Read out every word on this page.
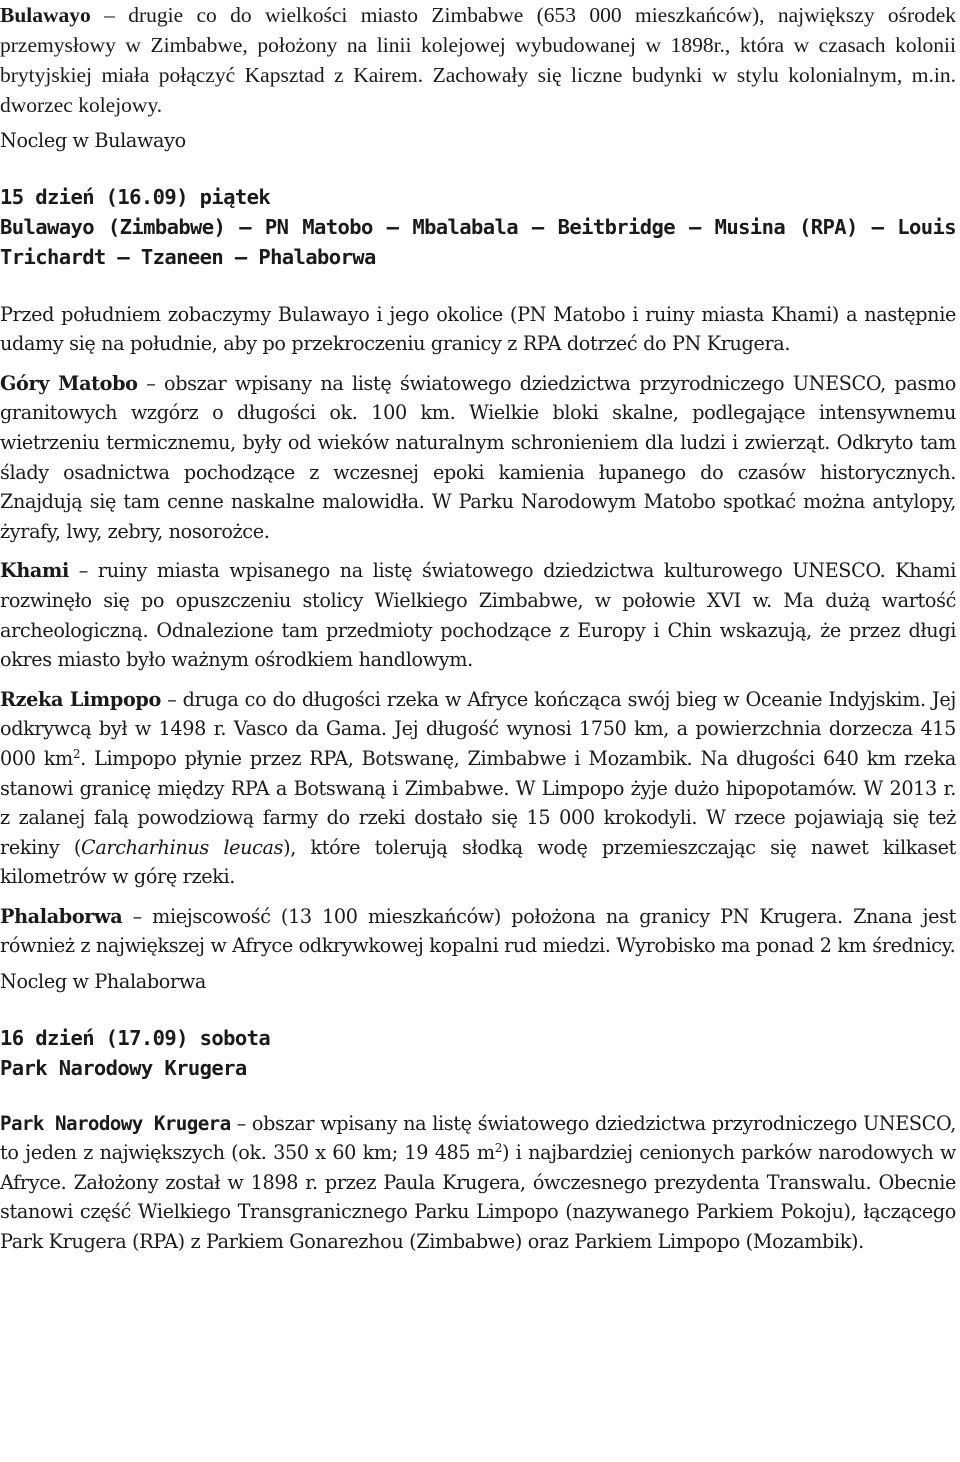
Bulawayo – drugie co do wielkości miasto Zimbabwe (653 000 mieszkańców), największy ośrodek przemysłowy w Zimbabwe, położony na linii kolejowej wybudowanej w 1898r., która w czasach kolonii brytyjskiej miała połączyć Kapsztad z Kairem. Zachowały się liczne budynki w stylu kolonialnym, m.in. dworzec kolejowy.

Nocleg w Bulawayo

15 dzień (16.09) piątek
Bulawayo (Zimbabwe) – PN Matobo – Mbalabala – Beitbridge – Musina (RPA) – Louis Trichardt – Tzaneen – Phalaborwa

Przed południem zobaczymy Bulawayo i jego okolice (PN Matobo i ruiny miasta Khami) a następnie udamy się na południe, aby po przekroczeniu granicy z RPA dotrzeć do PN Krugera.

Góry Matobo – obszar wpisany na listę światowego dziedzictwa przyrodniczego UNESCO, pasmo granitowych wzgórz o długości ok. 100 km. Wielkie bloki skalne, podlegające intensywnemu wietrzeniu termicznemu, były od wieków naturalnym schronieniem dla ludzi i zwierząt. Odkryto tam ślady osadnictwa pochodzące z wczesnej epoki kamienia łupanego do czasów historycznych. Znajdują się tam cenne naskalne malowidła. W Parku Narodowym Matobo spotkać można antylopy, żyrafy, lwy, zebry, nosorożce.

Khami – ruiny miasta wpisanego na listę światowego dziedzictwa kulturowego UNESCO. Khami rozwinęło się po opuszczeniu stolicy Wielkiego Zimbabwe, w połowie XVI w. Ma dużą wartość archeologiczną. Odnalezione tam przedmioty pochodzące z Europy i Chin wskazują, że przez długi okres miasto było ważnym ośrodkiem handlowym.

Rzeka Limpopo – druga co do długości rzeka w Afryce kończąca swój bieg w Oceanie Indyjskim. Jej odkrywcą był w 1498 r. Vasco da Gama. Jej długość wynosi 1750 km, a powierzchnia dorzecza 415 000 $km^2$. Limpopo płynie przez RPA, Botswanę, Zimbabwe i Mozambik. Na długości 640 km rzeka stanowi granicę między RPA a Botswaną i Zimbabwe. W Limpopo żyje dużo hipopotamów. W 2013 r. z zalanej falą powodziową farmy do rzeki dostało się 15 000 krokodyli. W rzece pojawiają się też rekiny (Carcharhinus leucas), które tolerują słodką wodę przemieszczając się nawet kilkaset kilometrów w górę rzeki.

Phalaborwa – miejscowość (13 100 mieszkańców) położona na granicy PN Krugera. Znana jest również z największej w Afryce odkrywkowej kopalni rud miedzi. Wyrobisko ma ponad 2 km średnicy.

Nocleg w Phalaborwa

16 dzień (17.09) sobota
Park Narodowy Krugera

Park Narodowy Krugera – obszar wpisany na listę światowego dziedzictwa przyrodniczego UNESCO, to jeden z największych (ok. 350 x 60 km; 19 485 $m^2$) i najbardziej cenionych parków narodowych w Afryce. Założony został w 1898 r. przez Paula Krugera, ówczesnego prezydenta Transwalu. Obecnie stanowi część Wielkiego Transgranicznego Parku Limpopo (nazywanego Parkiem Pokoju), łączącego Park Krugera (RPA) z Parkiem Gonarezhou (Zimbabwe) oraz Parkiem Limpopo (Mozambik).
